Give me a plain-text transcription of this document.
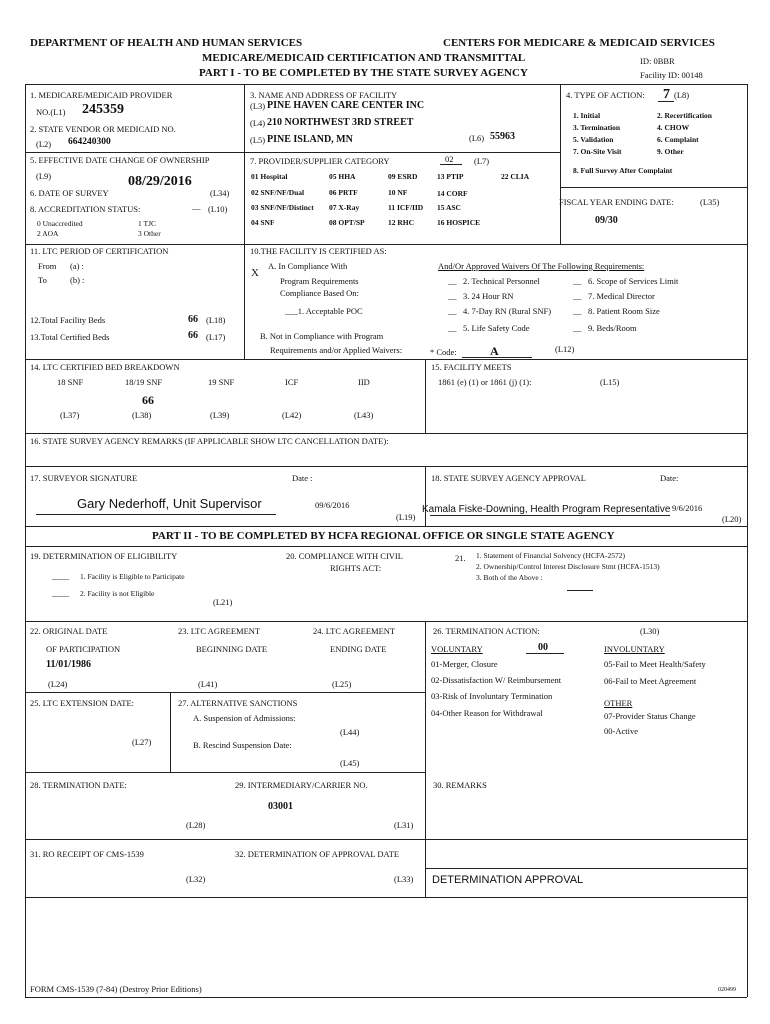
DEPARTMENT OF HEALTH AND HUMAN SERVICES	CENTERS FOR MEDICARE & MEDICAID SERVICES
MEDICARE/MEDICAID CERTIFICATION AND TRANSMITTAL
PART I - TO BE COMPLETED BY THE STATE SURVEY AGENCY
ID: 0BBR
Facility ID: 00148
1. MEDICARE/MEDICAID PROVIDER
NO.(L1) 245359
2. STATE VENDOR OR MEDICAID NO.
(L2) 664240300
3. NAME AND ADDRESS OF FACILITY
(L3) PINE HAVEN CARE CENTER INC
(L4) 210 NORTHWEST 3RD STREET
(L5) PINE ISLAND, MN	(L6) 55963
4. TYPE OF ACTION: 7 (L8)
1. Initial	2. Recertification
3. Termination	4. CHOW
5. Validation	6. Complaint
7. On-Site Visit	9. Other
8. Full Survey After Complaint
5. EFFECTIVE DATE CHANGE OF OWNERSHIP
(L9)	08/29/2016
6. DATE OF SURVEY	(L34)
8. ACCREDITATION STATUS:	__ (L10)
0 Unaccredited	1 TJC
2 AOA	3 Other
7. PROVIDER/SUPPLIER CATEGORY	02 (L7)
01 Hospital	05 HHA	09 ESRD	13 PTIP	22 CLIA
02 SNF/NF/Dual	06 PRTF	10 NF	14 CORF
03 SNF/NF/Distinct 07 X-Ray	11 ICF/IID 15 ASC
04 SNF	08 OPT/SP	12 RHC	16 HOSPICE
FISCAL YEAR ENDING DATE:	(L35)
09/30
11. LTC PERIOD OF CERTIFICATION
From (a) :
To	(b) :
12.Total Facility Beds	66 (L18)
13.Total Certified Beds	66 (L17)
10.THE FACILITY IS CERTIFIED AS:
X
A. In Compliance With
Program Requirements
Compliance Based On:
___1. Acceptable POC
B. Not in Compliance with Program
Requirements and/or Applied Waivers:	* Code:	A	(L12)
And/Or Approved Waivers Of The Following Requirements:
__ 2. Technical Personnel
__ 3. 24 Hour RN
__ 4. 7-Day RN (Rural SNF)
__ 5. Life Safety Code
__ 6. Scope of Services Limit
__ 7. Medical Director
__ 8. Patient Room Size
__ 9. Beds/Room
14. LTC CERTIFIED BED BREAKDOWN
18 SNF	18/19 SNF	19 SNF	ICF	IID
66
(L37)	(L38)	(L39)	(L42)	(L43)
15. FACILITY MEETS
1861 (e) (1) or 1861 (j) (1):	(L15)
16. STATE SURVEY AGENCY REMARKS (IF APPLICABLE SHOW LTC CANCELLATION DATE):
17. SURVEYOR SIGNATURE	Date :
Gary Nederhoff, Unit Supervisor	09/6/2016
(L19)
18. STATE SURVEY AGENCY APPROVAL	Date:
Kamala Fiske-Downing, Health Program Representative 9/6/2016
(L20)
PART II - TO BE COMPLETED BY HCFA REGIONAL OFFICE OR SINGLE STATE AGENCY
19. DETERMINATION OF ELIGIBILITY
____ 1. Facility is Eligible to Participate
____ 2. Facility is not Eligible
(L21)
20. COMPLIANCE WITH CIVIL
RIGHTS ACT:
21. 1. Statement of Financial Solvency (HCFA-2572)
2. Ownership/Control Interest Disclosure Stmt (HCFA-1513)
3. Both of the Above :
22. ORIGINAL DATE
OF PARTICIPATION
11/01/1986
(L24)
23. LTC AGREEMENT
BEGINNING DATE
(L41)
24. LTC AGREEMENT
ENDING DATE
(L25)
26. TERMINATION ACTION:	(L30)
VOLUNTARY	00	INVOLUNTARY
01-Merger, Closure
02-Dissatisfaction W/ Reimbursement
03-Risk of Involuntary Termination
04-Other Reason for Withdrawal
05-Fail to Meet Health/Safety
06-Fail to Meet Agreement
OTHER
07-Provider Status Change
00-Active
25. LTC EXTENSION DATE:
(L27)
27. ALTERNATIVE SANCTIONS
A. Suspension of Admissions:
(L44)
B. Rescind Suspension Date:
(L45)
28. TERMINATION DATE:
(L28)
29. INTERMEDIARY/CARRIER NO.
03001
(L31)
30. REMARKS
31. RO RECEIPT OF CMS-1539
(L32)
32. DETERMINATION OF APPROVAL DATE
(L33) DETERMINATION APPROVAL
FORM CMS-1539 (7-84) (Destroy Prior Editions)	020499
